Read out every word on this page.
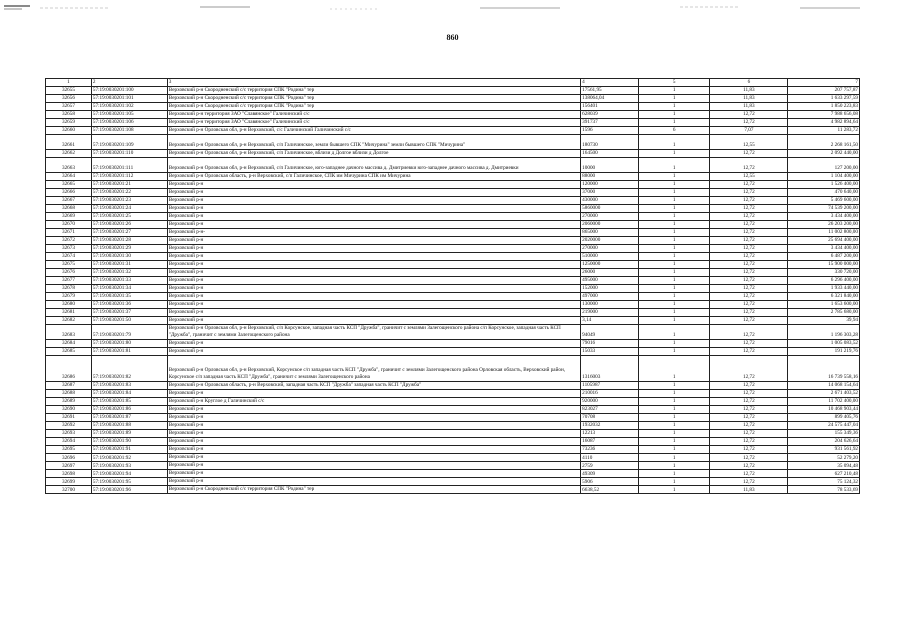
860
1	2	3	4	5	6	7
32655	57:19:0030201:100	Верховский р-н Скородненский с/с территория СПК "Родина" тер	17561,95	1	11,83	207 757,87
32656	57:19:0030201:101	Верховский р-н Скородненский с/с территория СПК "Родина" тер	138064,04	1	11,83	1 633 297,59
32657	57:19:0030201:102	Верховский р-н Скородненский с/с территория СПК "Родина" тер	156401	1	11,83	1 850 223,83
32658	57:19:0030201:105	Верховский р-н территория ЗАО "Славянское" Галичинский с/с	628039	1	12,72	7 988 656,08
32659	57:19:0030201:106	Верховский р-н территория ЗАО "Славянское" Галичинский с/с	391737	1	12,72	4 982 894,64
32660	57:19:0030201:108	Верховский р-н Орловская обл, р-н Верховский, с/с Галичинский Галичинский с/с	1596	6	7,07	11 283,72
32661	57:19:0030201:109	Верховский р-н Орловская обл, р-н Верховский, с/п Галичинское, земли бывшего СПК "Мичурина" земли бывшего СПК "Мичурина"	180730	1	12,55	2 268 161,50
32662	57:19:0030201:110	Верховский р-н Орловская обл, р-н Верховский, с/п Галичинское, вблизи д Долгое вблизи д Долгое	164500	1	12,72	2 092 440,00
32663	57:19:0030201:111	Верховский р-н Орловская обл, р-н Верховский, с/п Галичинское, юго-западнее дачного массива д. Дмитриевки юго-западнее дачного массива д. Дмитриевки	10000	1	12,72	127 200,00
32664	57:19:0030201:112	Верховский р-н Орловская область, р-н Верховский, с/п Галичинское, СПК им Мичурина СПК им Мичурина	88000	1	12,55	1 104 400,00
32665	57:19:0030201:21	Верховский р-н	120000	1	12,72	1 526 400,00
32666	57:19:0030201:22	Верховский р-н	37000	1	12,72	470 640,00
32667	57:19:0030201:23	Верховский р-н	430000	1	12,72	5 469 600,00
32668	57:19:0030201:24	Верховский р-н	5860000	1	12,72	74 539 200,00
32669	57:19:0030201:25	Верховский р-н	270000	1	12,72	3 434 400,00
32670	57:19:0030201:26	Верховский р-н	2060000	1	12,72	26 203 200,00
32671	57:19:0030201:27	Верховский р-н-	865000	1	12,72	11 002 800,00
32672	57:19:0030201:28	Верховский р-н	2020000	1	12,72	25 694 400,00
32673	57:19:0030201:29	Верховский р-н	270000	1	12,72	3 434 400,00
32674	57:19:0030201:30	Верховский р-н	510000	1	12,72	6 487 200,00
32675	57:19:0030201:31	Верховский р-н	1250000	1	12,72	15 900 000,00
32676	57:19:0030201:32	Верховский р-н	26000	1	12,72	330 720,00
32677	57:19:0030201:33	Верховский р-н	495000	1	12,72	6 296 400,00
32678	57:19:0030201:34	Верховский р-н	152000	1	12,72	1 933 440,00
32679	57:19:0030201:35	Верховский р-н	497000	1	12,72	6 321 840,00
32680	57:19:0030201:36	Верховский р-н	130000	1	12,72	1 653 600,00
32681	57:19:0030201:37	Верховский р-н	219000	1	12,72	2 785 680,00
32682	57:19:0030201:50	Верховский р-н	3,14	1	12,72	39,94
32683	57:19:0030201:79	Верховский р-н Орловская обл, р-н Верховский, с/п Корсунское, западная часть КСП "Дружба", граничит с землями Залегощенского района с/п Корсунское, западная часть КСП "Дружба", граничит с землями Залегощенского района	94049	1	12,72	1 196 303,28
32684	57:19:0030201:80	Верховский р-н	79016	1	12,72	1 005 083,52
32685	57:19:0030201:81	Верховский р-н	15033	1	12,72	191 219,76
32686	57:19:0030201:82	Верховский р-н Орловская обл, р-н Верховский, Корсунское с/п западная часть КСП "Дружба", граничит с землями Залегощенского района Орловская область, Верховский район, Корсунское с/п западная часть КСП "Дружба", граничит с землями Залегощенского района	1316003	1	12,72	16 739 558,16
32687	57:19:0030201:83	Верховский р-н Орловская область, р-н Верховский, западная часть КСП "Дружба" западная часть КСП "Дружба"	1105987	1	12,72	14 068 154,64
32688	57:19:0030201:84	Верховский р-н	210016	1	12,72	2 671 403,52
32689	57:19:0030201:85	Верховский р-н Круглое д Галичинский с/с	920000	1	12,72	11 702 400,00
32690	57:19:0030201:86	Верховский р-н	823027	1	12,72	10 468 903,44
32691	57:19:0030201:87	Верховский р-н	70708	1	12,72	899 405,76
32692	57:19:0030201:88	Верховский р-н	1932032	1	12,72	24 575 447,04
32693	57:19:0030201:89	Верховский р-н	12213	1	12,72	155 349,36
32694	57:19:0030201:90	Верховский р-н	16087	1	12,72	204 626,64
32695	57:19:0030201:91	Верховский р-н	73236	1	12,72	931 561,92
32696	57:19:0030201:92	Верховский р-н	4110	1	12,72	52 279,20
32697	57:19:0030201:93	Верховский р-н	2759	1	12,72	35 094,48
32698	57:19:0030201:94	Верховский р-н	49309	1	12,72	627 210,48
32699	57:19:0030201:95	Верховский р-н	5906	1	12,72	75 124,32
32700	57:19:0030201:96	Верховский р-н Скородненский с/с территория СПК "Родина" тер	6638,52	1	11,83	78 533,69
